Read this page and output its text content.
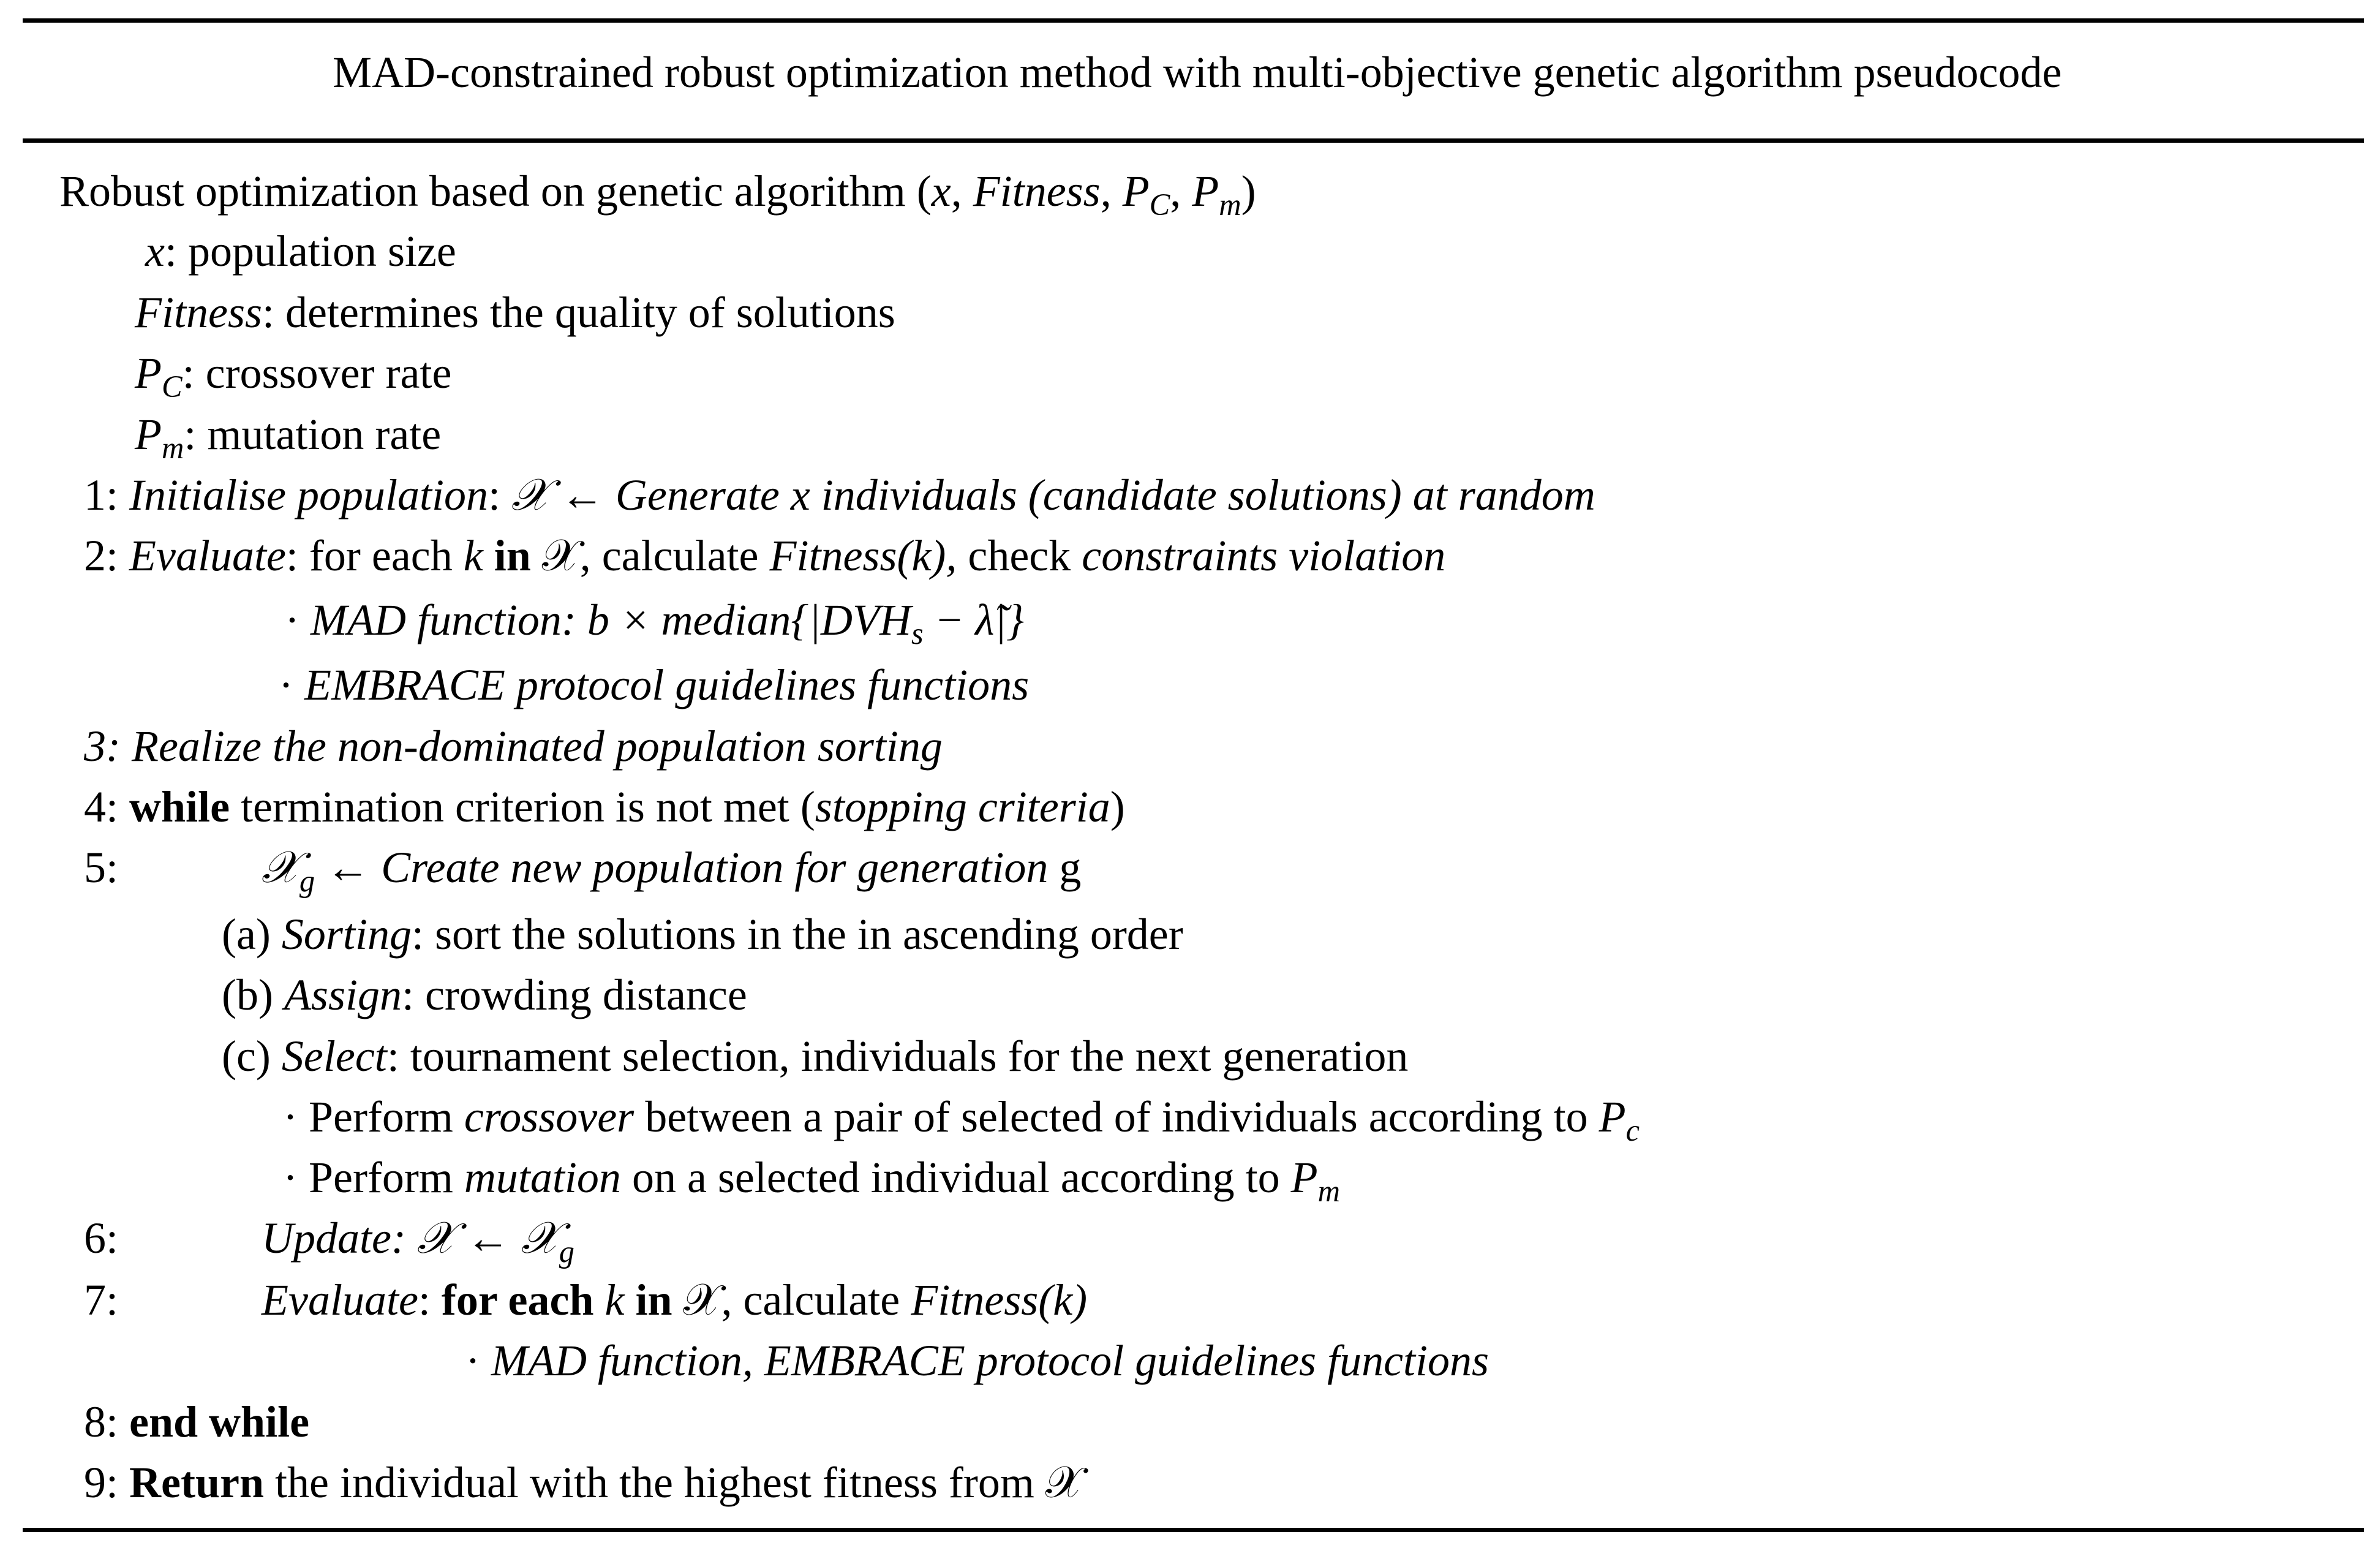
MAD-constrained robust optimization method with multi-objective genetic algorithm pseudocode
Robust optimization based on genetic algorithm (x, Fitness, $P_C$, $P_m$)
x: population size
Fitness: determines the quality of solutions
$P_C$: crossover rate
$P_m$: mutation rate
1: Initialise population: 𝒳 ← Generate x individuals (candidate solutions) at random
2: Evaluate: for each k in 𝒳, calculate Fitness(k), check constraints violation
· MAD function: $b \times median\{|DVH_s$ − λ̃|}
· EMBRACE protocol guidelines functions
3: Realize the non-dominated population sorting
4: while termination criterion is not met (stopping criteria)
5:	𝒳$_g$ ← Create new population for generation g
(a) Sorting: sort the solutions in the in ascending order
(b) Assign: crowding distance
(c) Select: tournament selection, individuals for the next generation
· Perform crossover between a pair of selected of individuals according to $P_c$
· Perform mutation on a selected individual according to $P_m$
6:	Update: 𝒳 ← 𝒳$_g$
7:	Evaluate: for each k in 𝒳, calculate Fitness(k)
· MAD function, EMBRACE protocol guidelines functions
8: end while
9: Return the individual with the highest fitness from 𝒳
